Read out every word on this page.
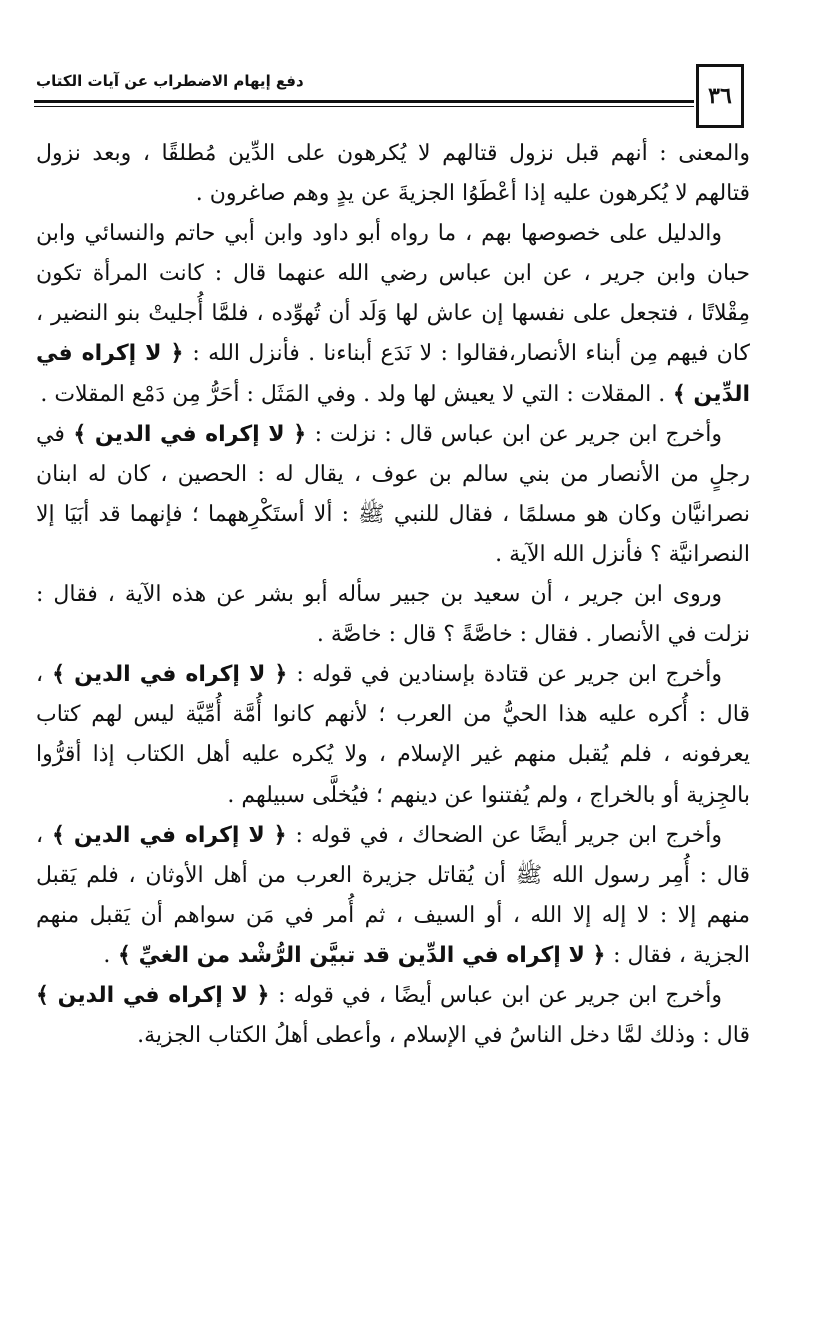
٣٦
دفع إيهام الاضطراب عن آيات الكتاب

والمعنى : أنهم قبل نزول قتالهم لا يُكرهون على الدِّين مُطلقًا ، وبعد نزول قتالهم لا يُكرهون عليه إذا أعْطَوُا الجزيةَ عن يدٍ وهم صاغرون .

والدليل على خصوصها بهم ، ما رواه أبو داود وابن أبي حاتم والنسائي وابن حبان وابن جرير ، عن ابن عباس رضي الله عنهما قال : كانت المرأة تكون مِقْلاتًا ، فتجعل على نفسها إن عاش لها وَلَد أن تُهوِّده ، فلمَّا أُجليتْ بنو النضير ، كان فيهم مِن أبناء الأنصار،فقالوا : لا نَدَع أبناءنا . فأنزل الله : ﴿ لا إكراه في الدِّين ﴾ . المقلات : التي لا يعيش لها ولد . وفي المَثَل : أحَرُّ مِن دَمْع المقلات .

وأخرج ابن جرير عن ابن عباس قال : نزلت : ﴿ لا إكراه في الدين ﴾ في رجلٍ من الأنصار من بني سالم بن عوف ، يقال له : الحصين ، كان له ابنان نصرانيَّان وكان هو مسلمًا ، فقال للنبي ﷺ : ألا أستَكْرِههما ؛ فإنهما قد أبَيَا إلا النصرانيَّة ؟ فأنزل الله الآية .

وروى ابن جرير ، أن سعيد بن جبير سأله أبو بشر عن هذه الآية ، فقال : نزلت في الأنصار . فقال : خاصَّةً ؟ قال : خاصَّة .

وأخرج ابن جرير عن قتادة بإسنادين في قوله : ﴿ لا إكراه في الدين ﴾ ، قال : أُكره عليه هذا الحيُّ من العرب ؛ لأنهم كانوا أُمَّة أُمِّيَّة ليس لهم كتاب يعرفونه ، فلم يُقبل منهم غير الإسلام ، ولا يُكره عليه أهل الكتاب إذا أقرُّوا بالجِزية أو بالخراج ، ولم يُفتنوا عن دينهم ؛ فيُخلَّى سبيلهم .

وأخرج ابن جرير أيضًا عن الضحاك ، في قوله : ﴿ لا إكراه في الدين ﴾ ، قال : أُمِر رسول الله ﷺ أن يُقاتل جزيرة العرب من أهل الأوثان ، فلم يَقبل منهم إلا : لا إله إلا الله ، أو السيف ، ثم أُمر في مَن سواهم أن يَقبل منهم الجزية ، فقال : ﴿ لا إكراه في الدِّين قد تبيَّن الرُّشْد من الغيِّ ﴾ .

وأخرج ابن جرير عن ابن عباس أيضًا ، في قوله : ﴿ لا إكراه في الدين ﴾ قال : وذلك لمَّا دخل الناسُ في الإسلام ، وأعطى أهلُ الكتاب الجزية.
